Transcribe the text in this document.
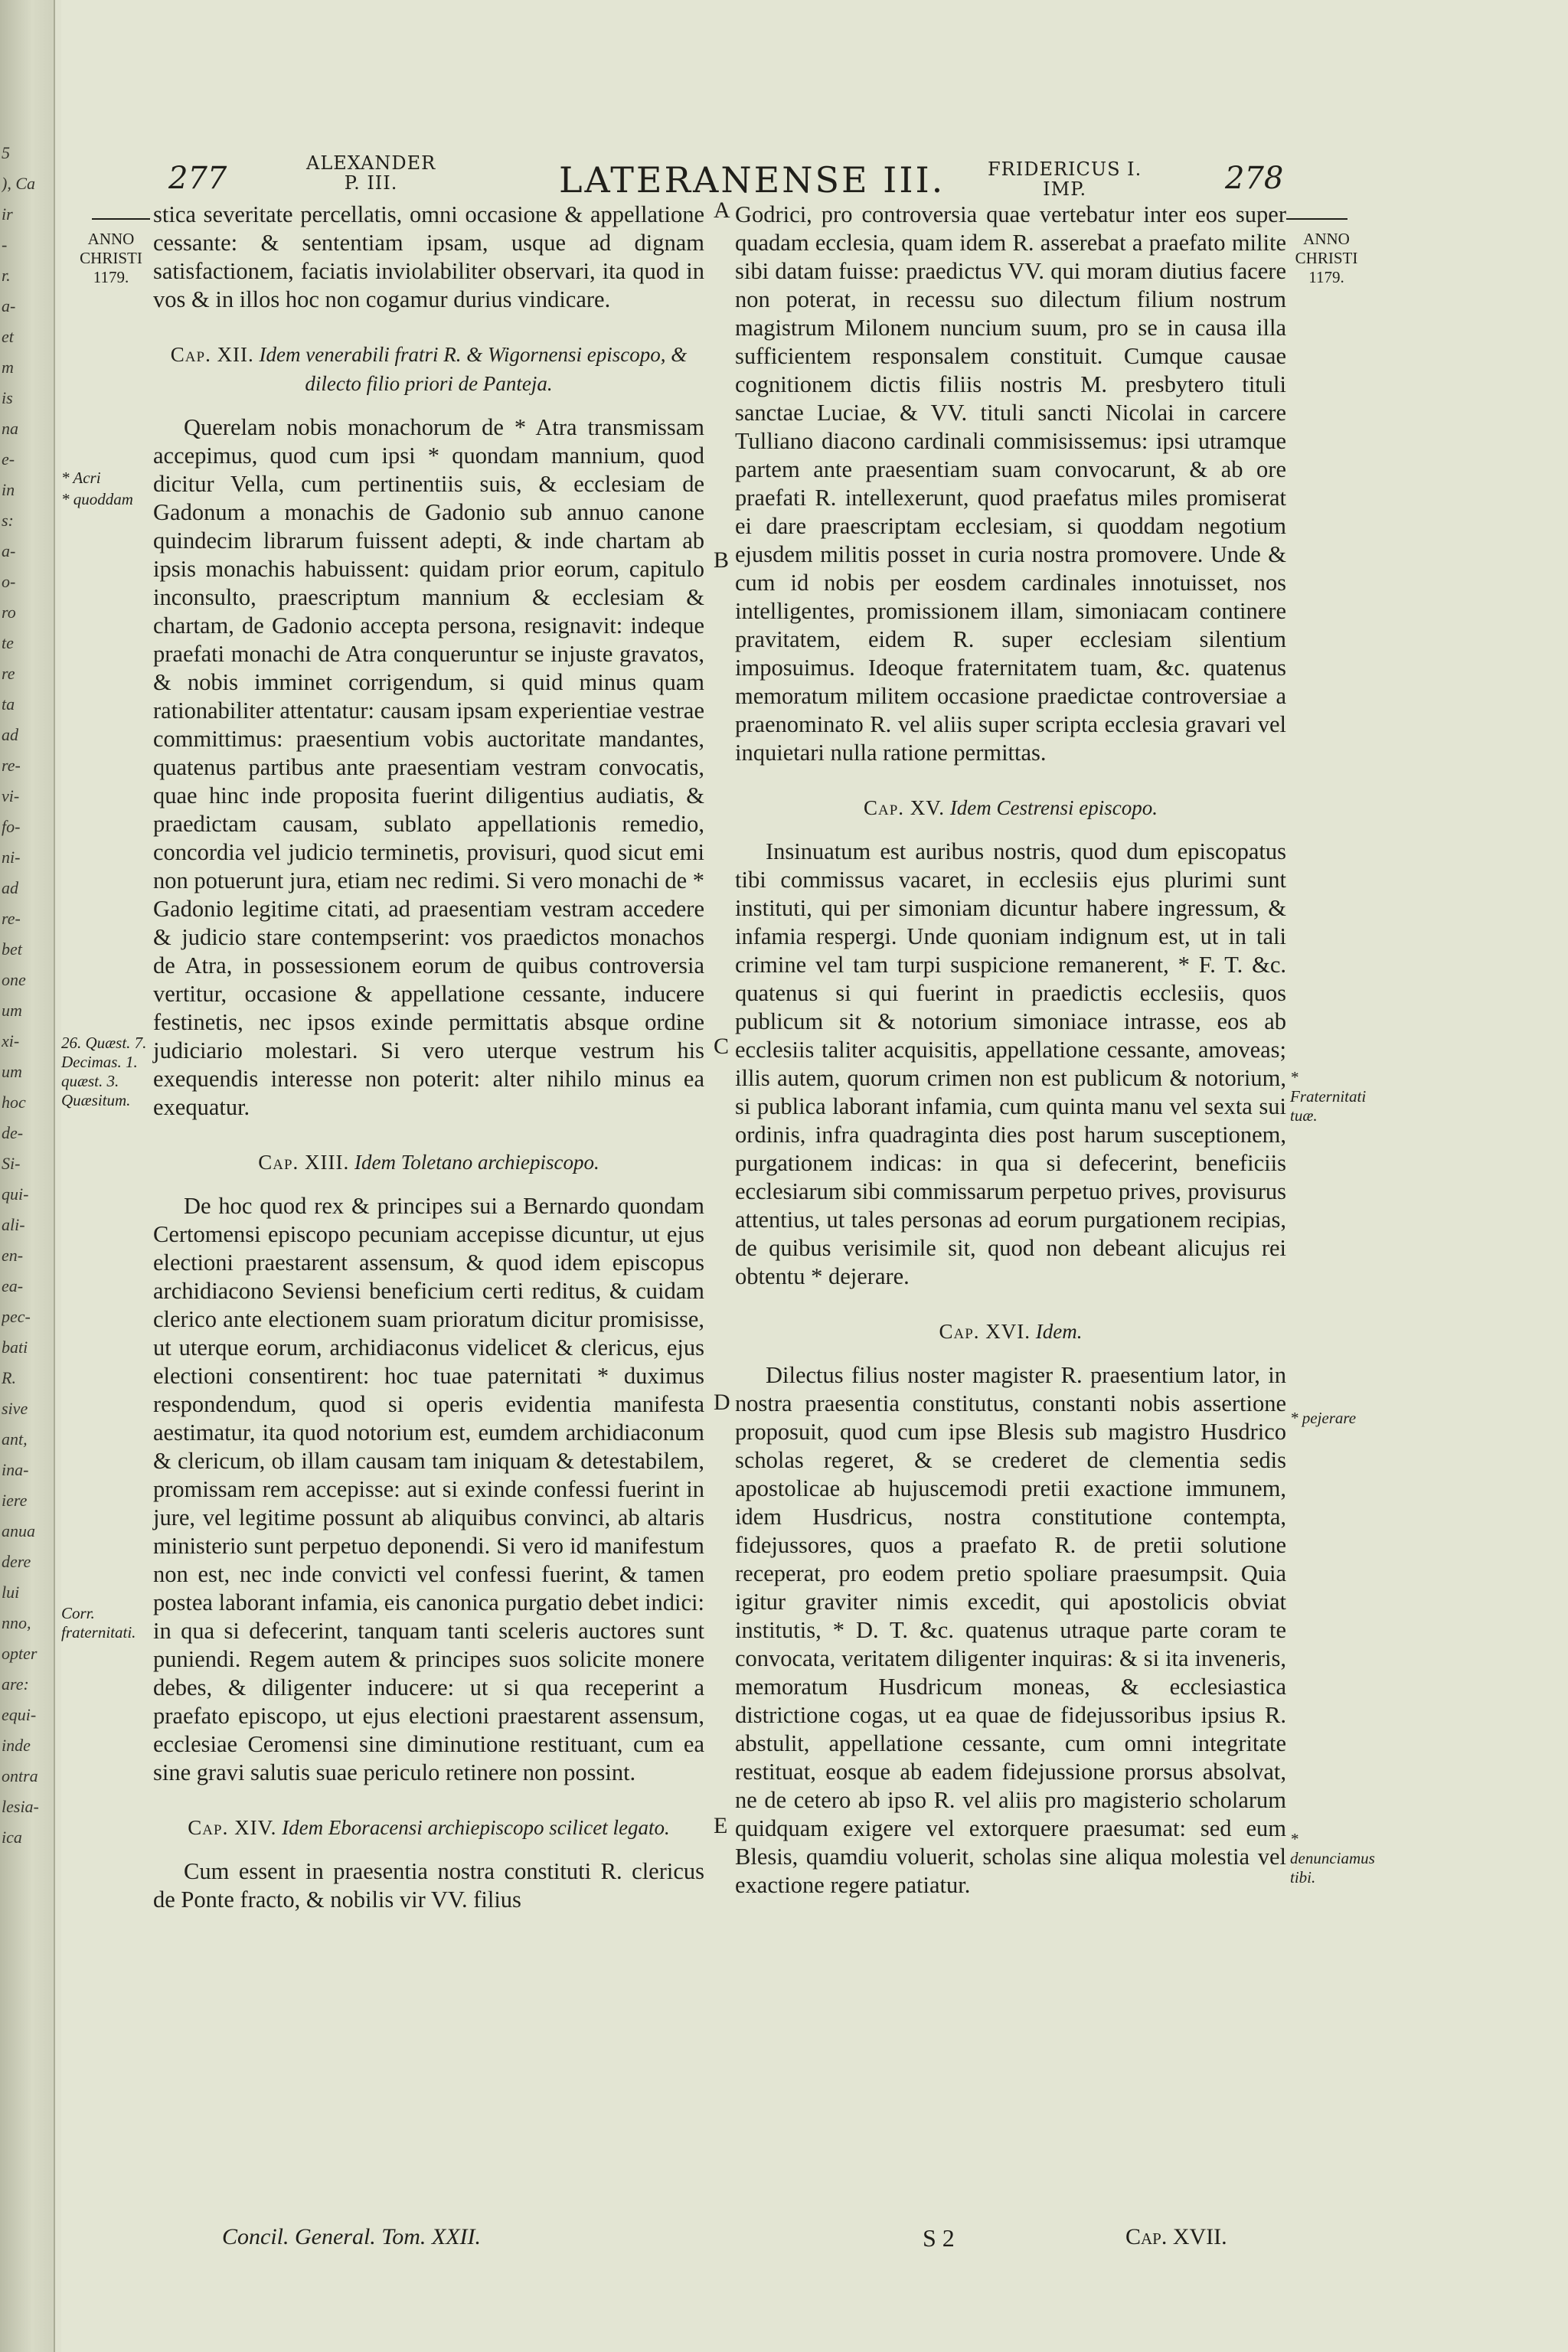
5
), Ca
ir
-
r.
a-
et
m
is
na
e-
in
s:
a-
o-
ro
te
re
ta
ad
re-
vi-
fo-
ni-
ad
re-
bet
one
um
xi-
um
hoc
de-
Si-
qui-
ali-
en-
ea-
pec-
bati
R.
sive
ant,
ina-
iere
anua
dere
lui
nno,
opter
are:
equi-
inde
ontra
lesia-
ica
277	ALEXANDER
P. III.	LATERANENSE III. FRIDERICUS I.
IMP.	278
ANNO
CHRISTI
1179.
* Acri
* quoddam
26. Quæst. 7. Decimas. 1. quæst. 3. Quæsitum.
Corr. fraternitati.
A
B
C
D
E

stica severitate percellatis, omni occasione & appellatione cessante: & sententiam ipsam, usque ad dignam satisfactionem, faciatis inviolabiliter observari, ita quod in vos & in illos hoc non cogamur durius vindicare.

Cap. XII. Idem venerabili fratri R. & Wigornensi episcopo, & dilecto filio priori de Panteja.

Querelam nobis monachorum de * Atra transmissam accepimus, quod cum ipsi * quondam mannium, quod dicitur Vella, cum pertinentiis suis, & ecclesiam de Gadonum a monachis de Gadonio sub annuo canone quindecim librarum fuissent adepti, & inde chartam ab ipsis monachis habuissent: quidam prior eorum, capitulo inconsulto, praescriptum mannium & ecclesiam & chartam, de Gadonio accepta persona, resignavit: indeque praefati monachi de Atra conqueruntur se injuste gravatos, & nobis imminet corrigendum, si quid minus quam rationabiliter attentatur: causam ipsam experientiae vestrae committimus: praesentium vobis auctoritate mandantes, quatenus partibus ante praesentiam vestram convocatis, quae hinc inde proposita fuerint diligentius audiatis, & praedictam causam, sublato appellationis remedio, concordia vel judicio terminetis, provisuri, quod sicut emi non potuerunt jura, etiam nec redimi. Si vero monachi de * Gadonio legitime citati, ad praesentiam vestram accedere & judicio stare contempserint: vos praedictos monachos de Atra, in possessionem eorum de quibus controversia vertitur, occasione & appellatione cessante, inducere festinetis, nec ipsos exinde permittatis absque ordine judiciario molestari. Si vero uterque vestrum his exequendis interesse non poterit: alter nihilo minus ea exequatur.

Cap. XIII. Idem Toletano archiepiscopo.

De hoc quod rex & principes sui a Bernardo quondam Certomensi episcopo pecuniam accepisse dicuntur, ut ejus electioni praestarent assensum, & quod idem episcopus archidiacono Seviensi beneficium certi reditus, & cuidam clerico ante electionem suam prioratum dicitur promisisse, ut uterque eorum, archidiaconus videlicet & clericus, ejus electioni consentirent: hoc tuae paternitati * duximus respondendum, quod si operis evidentia manifesta aestimatur, ita quod notorium est, eumdem archidiaconum & clericum, ob illam causam tam iniquam & detestabilem, promissam rem accepisse: aut si exinde confessi fuerint in jure, vel legitime possunt ab aliquibus convinci, ab altaris ministerio sunt perpetuo deponendi. Si vero id manifestum non est, nec inde convicti vel confessi fuerint, & tamen postea laborant infamia, eis canonica purgatio debet indici: in qua si defecerint, tanquam tanti sceleris auctores sunt puniendi. Regem autem & principes suos solicite monere debes, & diligenter inducere: ut si qua receperint a praefato episcopo, ut ejus electioni praestarent assensum, ecclesiae Ceromensi sine diminutione restituant, cum ea sine gravi salutis suae periculo retinere non possint.

Cap. XIV. Idem Eboracensi archiepiscopo scilicet legato.

Cum essent in praesentia nostra constituti R. clericus de Ponte fracto, & nobilis vir VV. filius

Godrici, pro controversia quae vertebatur inter eos super quadam ecclesia, quam idem R. asserebat a praefato milite sibi datam fuisse: praedictus VV. qui moram diutius facere non poterat, in recessu suo dilectum filium nostrum magistrum Milonem nuncium suum, pro se in causa illa sufficientem responsalem constituit. Cumque causae cognitionem dictis filiis nostris M. presbytero tituli sanctae Luciae, & VV. tituli sancti Nicolai in carcere Tulliano diacono cardinali commisissemus: ipsi utramque partem ante praesentiam suam convocarunt, & ab ore praefati R. intellexerunt, quod praefatus miles promiserat ei dare praescriptam ecclesiam, si quoddam negotium ejusdem militis posset in curia nostra promovere. Unde & cum id nobis per eosdem cardinales innotuisset, nos intelligentes, promissionem illam, simoniacam continere pravitatem, eidem R. super ecclesiam silentium imposuimus. Ideoque fraternitatem tuam, &c. quatenus memoratum militem occasione praedictae controversiae a praenominato R. vel aliis super scripta ecclesia gravari vel inquietari nulla ratione permittas.

Cap. XV. Idem Cestrensi episcopo.

Insinuatum est auribus nostris, quod dum episcopatus tibi commissus vacaret, in ecclesiis ejus plurimi sunt instituti, qui per simoniam dicuntur habere ingressum, & infamia respergi. Unde quoniam indignum est, ut in tali crimine vel tam turpi suspicione remanerent, * F. T. &c. quatenus si qui fuerint in praedictis ecclesiis, quos publicum sit & notorium simoniace intrasse, eos ab ecclesiis taliter acquisitis, appellatione cessante, amoveas; illis autem, quorum crimen non est publicum & notorium, si publica laborant infamia, cum quinta manu vel sexta sui ordinis, infra quadraginta dies post harum susceptionem, purgationem indicas: in qua si defecerint, beneficiis ecclesiarum sibi commissarum perpetuo prives, provisurus attentius, ut tales personas ad eorum purgationem recipias, de quibus verisimile sit, quod non debeant alicujus rei obtentu * dejerare.

Cap. XVI. Idem.

Dilectus filius noster magister R. praesentium lator, in nostra praesentia constitutus, constanti nobis assertione proposuit, quod cum ipse Blesis sub magistro Husdrico scholas regeret, & se crederet de clementia sedis apostolicae ab hujuscemodi pretii exactione immunem, idem Husdricus, nostra constitutione contempta, fidejussores, quos a praefato R. de pretii solutione receperat, pro eodem pretio spoliare praesumpsit. Quia igitur graviter nimis excedit, qui apostolicis obviat institutis, * D. T. &c. quatenus utraque parte coram te convocata, veritatem diligenter inquiras: & si ita inveneris, memoratum Husdricum moneas, & ecclesiastica districtione cogas, ut ea quae de fidejussoribus ipsius R. abstulit, appellatione cessante, cum omni integritate restituat, eosque ab eadem fidejussione prorsus absolvat, ne de cetero ab ipso R. vel aliis pro magisterio scholarum quidquam exigere vel extorquere praesumat: sed eum Blesis, quamdiu voluerit, scholas sine aliqua molestia vel exactione regere patiatur.

ANNO
CHRISTI
1179.
* Fraternitati tuæ.
* pejerare
* denunciamus tibi.
Concil. General. Tom. XXII.	S 2	Cap. XVII.
